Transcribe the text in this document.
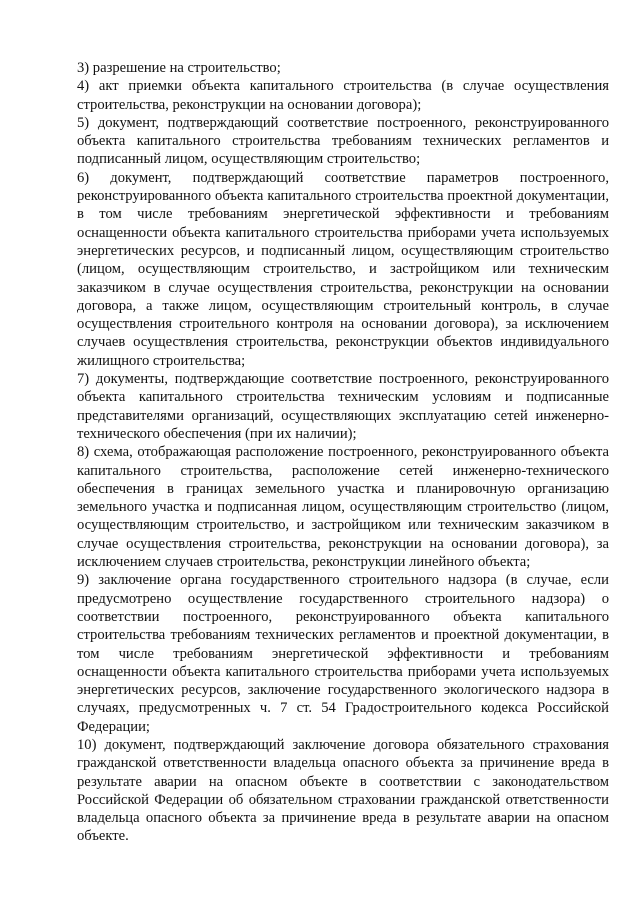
3) разрешение на строительство;

4) акт приемки объекта капитального строительства (в случае осуществления строительства, реконструкции на основании договора);

5) документ, подтверждающий соответствие построенного, реконструированного объекта капитального строительства требованиям технических регламентов и подписанный лицом, осуществляющим строительство;

6) документ, подтверждающий соответствие параметров построенного, реконструированного объекта капитального строительства проектной документации, в том числе требованиям энергетической эффективности и требованиям оснащенности объекта капитального строительства приборами учета используемых энергетических ресурсов, и подписанный лицом, осуществляющим строительство (лицом, осуществляющим строительство, и застройщиком или техническим заказчиком в случае осуществления строительства, реконструкции на основании договора, а также лицом, осуществляющим строительный контроль, в случае осуществления строительного контроля на основании договора), за исключением случаев осуществления строительства, реконструкции объектов индивидуального жилищного строительства;

7) документы, подтверждающие соответствие построенного, реконструированного объекта капитального строительства техническим условиям и подписанные представителями организаций, осуществляющих эксплуатацию сетей инженерно-технического обеспечения (при их наличии);

8) схема, отображающая расположение построенного, реконструированного объекта капитального строительства, расположение сетей инженерно-технического обеспечения в границах земельного участка и планировочную организацию земельного участка и подписанная лицом, осуществляющим строительство (лицом, осуществляющим строительство, и застройщиком или техническим заказчиком в случае осуществления строительства, реконструкции на основании договора), за исключением случаев строительства, реконструкции линейного объекта;

9) заключение органа государственного строительного надзора (в случае, если предусмотрено осуществление государственного строительного надзора) о соответствии построенного, реконструированного объекта капитального строительства требованиям технических регламентов и проектной документации, в том числе требованиям энергетической эффективности и требованиям оснащенности объекта капитального строительства приборами учета используемых энергетических ресурсов, заключение государственного экологического надзора в случаях, предусмотренных ч. 7 ст. 54 Градостроительного кодекса Российской Федерации;

10) документ, подтверждающий заключение договора обязательного страхования гражданской ответственности владельца опасного объекта за причинение вреда в результате аварии на опасном объекте в соответствии с законодательством Российской Федерации об обязательном страховании гражданской ответственности владельца опасного объекта за причинение вреда в результате аварии на опасном объекте.
